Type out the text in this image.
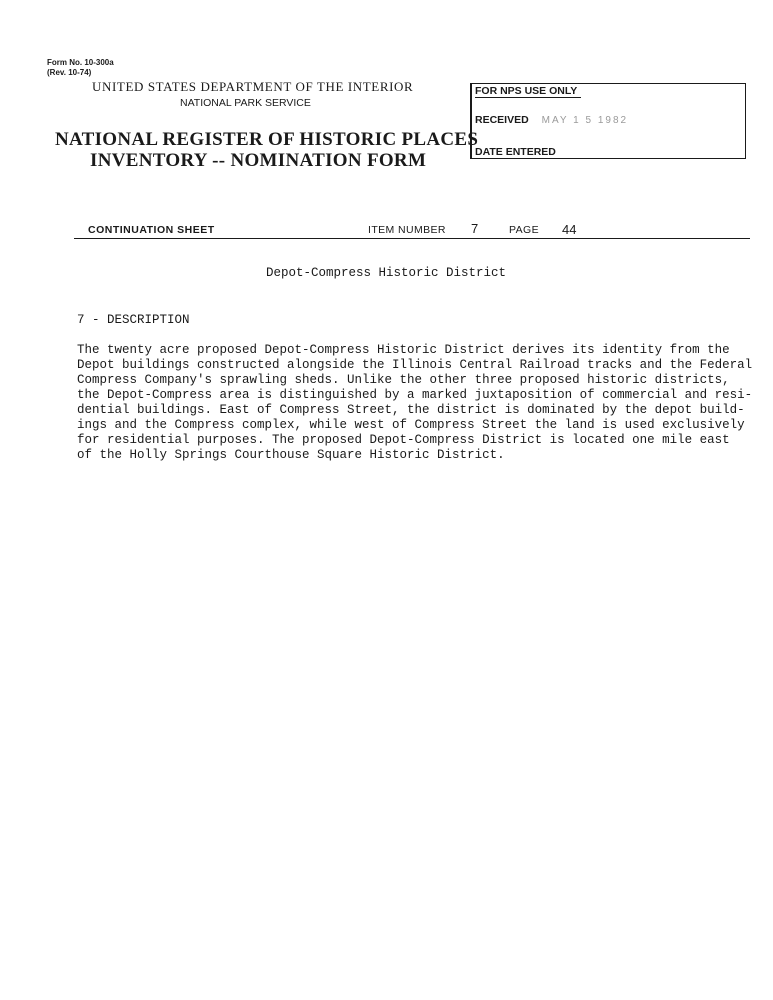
Form No. 10-300a
(Rev. 10-74)
UNITED STATES DEPARTMENT OF THE INTERIOR
NATIONAL PARK SERVICE
NATIONAL REGISTER OF HISTORIC PLACES
INVENTORY -- NOMINATION FORM
FOR NPS USE ONLY
RECEIVED MAY 1 5 1982
DATE ENTERED
CONTINUATION SHEET	ITEM NUMBER 7	PAGE 44
Depot-Compress Historic District
7 - DESCRIPTION
The twenty acre proposed Depot-Compress Historic District derives its identity from the
Depot buildings constructed alongside the Illinois Central Railroad tracks and the Federal
Compress Company's sprawling sheds. Unlike the other three proposed historic districts,
the Depot-Compress area is distinguished by a marked juxtaposition of commercial and resi-
dential buildings. East of Compress Street, the district is dominated by the depot build-
ings and the Compress complex, while west of Compress Street the land is used exclusively
for residential purposes. The proposed Depot-Compress District is located one mile east
of the Holly Springs Courthouse Square Historic District.
